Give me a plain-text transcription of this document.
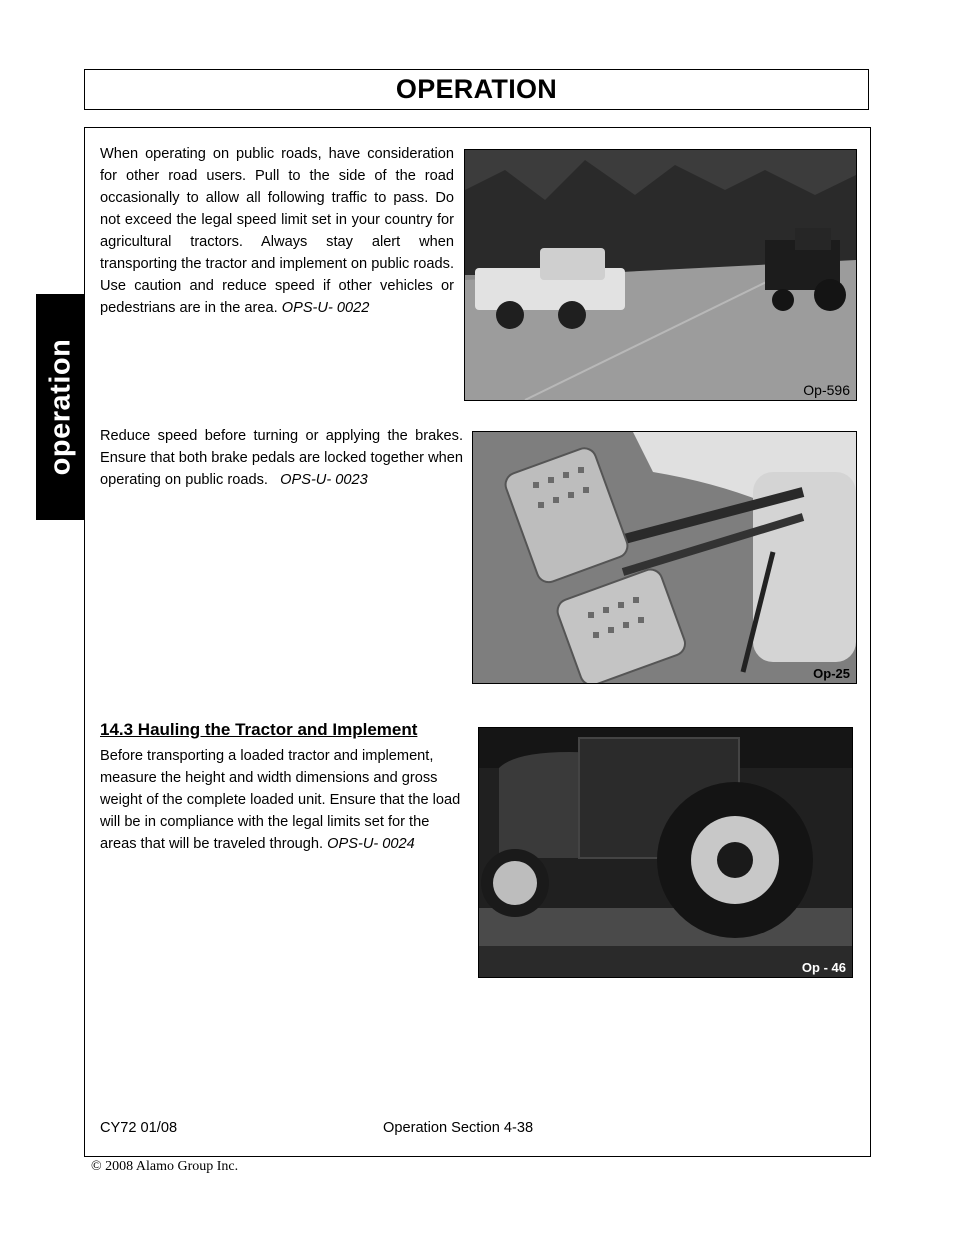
OPERATION
operation

When operating on public roads, have consideration for other road users. Pull to the side of the road occasionally to allow all following traffic to pass. Do not exceed the legal speed limit set in your country for agricultural tractors. Always stay alert when transporting the tractor and implement on public roads. Use caution and reduce speed if other vehicles or pedestrians are in the area. OPS-U- 0022

Op-596

Reduce speed before turning or applying the brakes. Ensure that both brake pedals are locked together when operating on public roads. OPS-U- 0023

Op-25
14.3 Hauling the Tractor and Implement

Before transporting a loaded tractor and implement, measure the height and width dimensions and gross weight of the complete loaded unit. Ensure that the load will be in compliance with the legal limits set for the areas that will be traveled through. OPS-U- 0024

Op - 46
CY72 01/08	Operation Section 4-38
© 2008 Alamo Group Inc.
